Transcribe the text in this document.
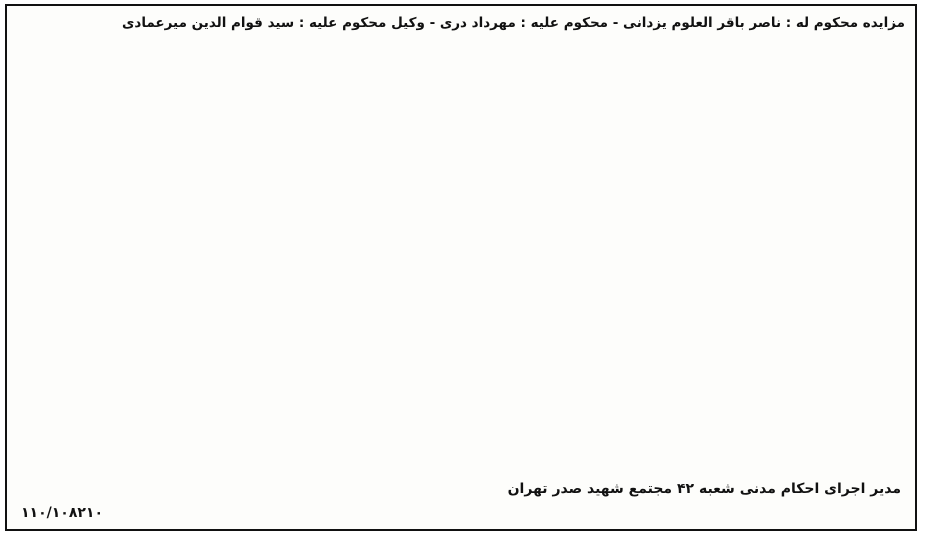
مزایده محکوم له : ناصر باقر العلوم یزدانی - محکوم علیه : مهرداد دری - وکیل محکوم علیه : سید قوام الدین میرعمادی

مدیر اجرای احکام مدنی شعبه ۴۲ مجتمع شهید صدر تهران
۱۱۰/۱۰۸۲۱۰
